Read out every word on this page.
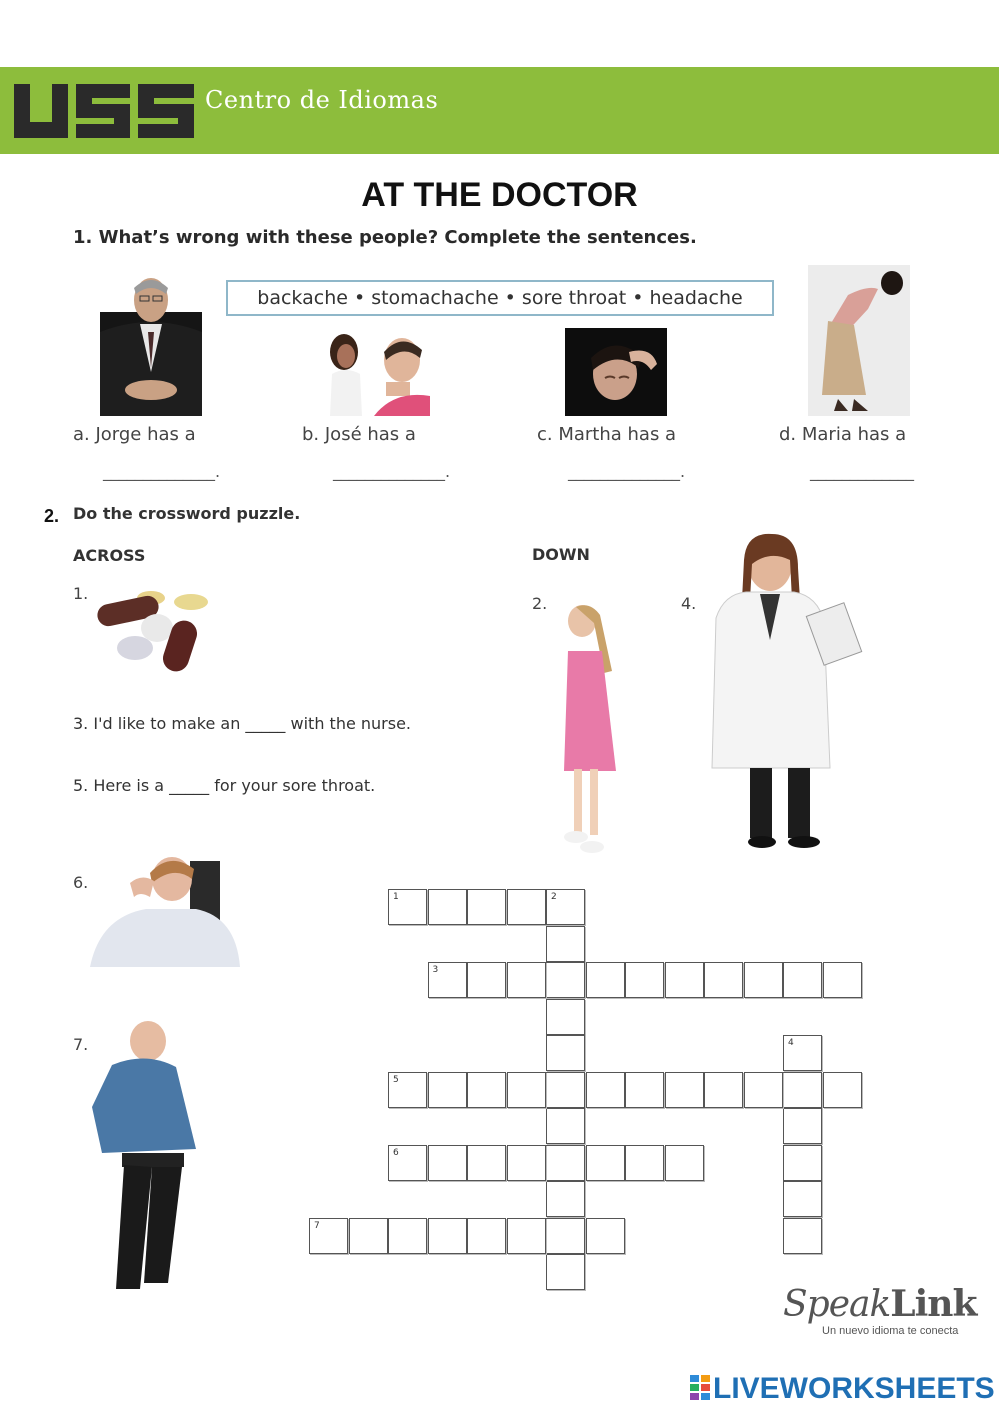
Centro de Idiomas
AT THE DOCTOR
1. What’s wrong with these people? Complete the sentences.
backache • stomachache • sore throat • headache
a. Jorge has a	b. José has a	c. Martha has a	d. Maria has a
______________.	______________.	______________.	_____________
2. Do the crossword puzzle.
ACROSS	DOWN
1.
3. I'd like to make an _____ with the nurse.
5. Here is a _____ for your sore throat.
2.	4.
6.
7.
1	2
3
4
5
6
7
SpeakLink
Un nuevo idioma te conecta
LIVEWORKSHEETS
